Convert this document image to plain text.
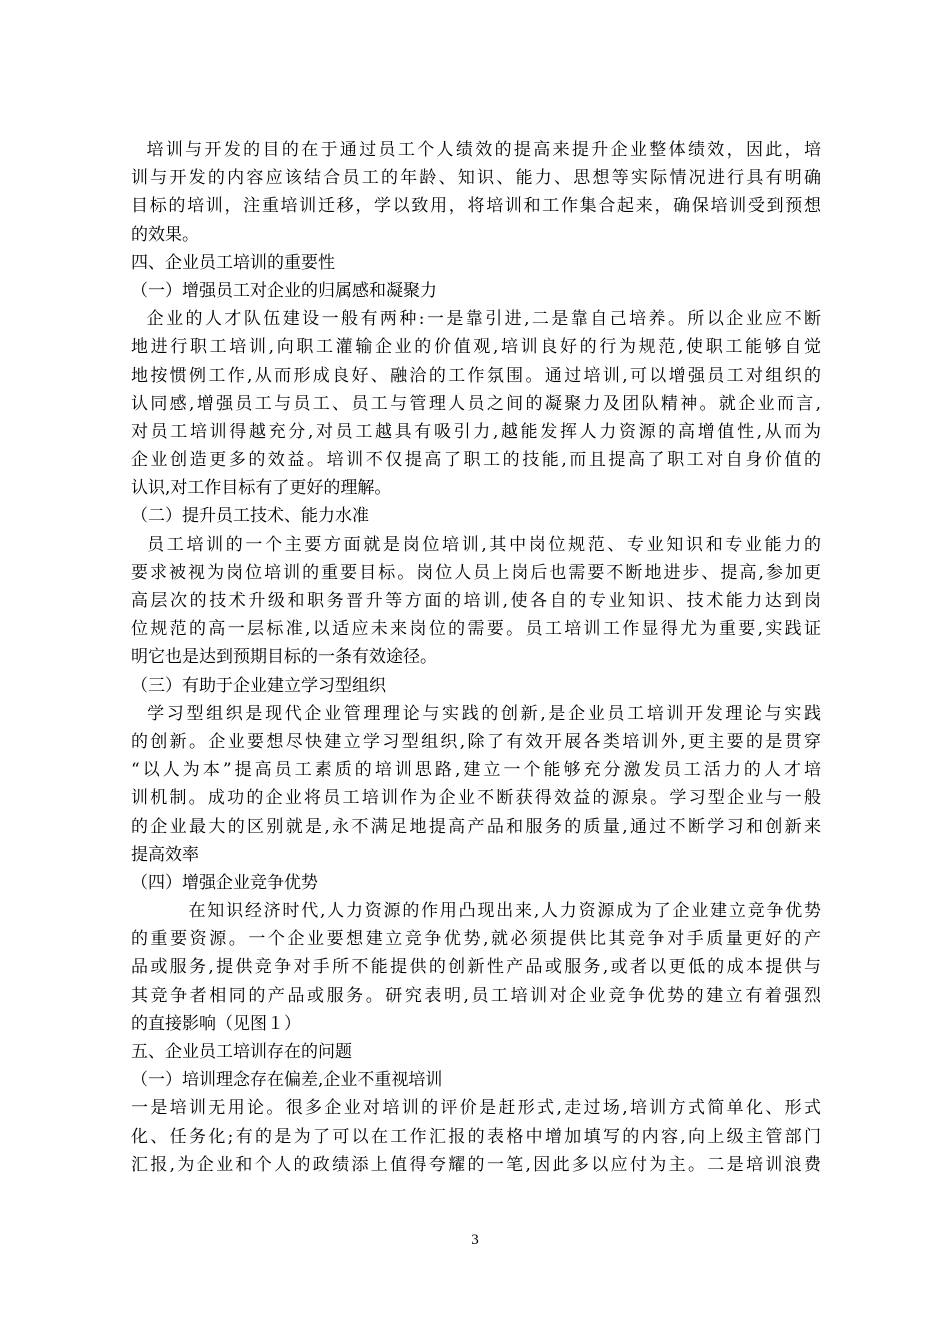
培训与开发的目的在于通过员工个人绩效的提高来提升企业整体绩效，因此，培
训与开发的内容应该结合员工的年龄、知识、能力、思想等实际情况进行具有明确
目标的培训，注重培训迁移，学以致用，将培训和工作集合起来，确保培训受到预想
的效果。
四、企业员工培训的重要性
（一）增强员工对企业的归属感和凝聚力
企业的人才队伍建设一般有两种:一是靠引进,二是靠自己培养。所以企业应不断
地进行职工培训,向职工灌输企业的价值观,培训良好的行为规范,使职工能够自觉
地按惯例工作,从而形成良好、融洽的工作氛围。通过培训,可以增强员工对组织的
认同感,增强员工与员工、员工与管理人员之间的凝聚力及团队精神。就企业而言,
对员工培训得越充分,对员工越具有吸引力,越能发挥人力资源的高增值性,从而为
企业创造更多的效益。培训不仅提高了职工的技能,而且提高了职工对自身价值的
认识,对工作目标有了更好的理解。
（二）提升员工技术、能力水准
员工培训的一个主要方面就是岗位培训,其中岗位规范、专业知识和专业能力的
要求被视为岗位培训的重要目标。岗位人员上岗后也需要不断地进步、提高,参加更
高层次的技术升级和职务晋升等方面的培训,使各自的专业知识、技术能力达到岗
位规范的高一层标准,以适应未来岗位的需要。员工培训工作显得尤为重要,实践证
明它也是达到预期目标的一条有效途径。
（三）有助于企业建立学习型组织
学习型组织是现代企业管理理论与实践的创新,是企业员工培训开发理论与实践
的创新。企业要想尽快建立学习型组织,除了有效开展各类培训外,更主要的是贯穿
“以人为本”提高员工素质的培训思路,建立一个能够充分激发员工活力的人才培
训机制。成功的企业将员工培训作为企业不断获得效益的源泉。学习型企业与一般
的企业最大的区别就是,永不满足地提高产品和服务的质量,通过不断学习和创新来
提高效率
（四）增强企业竞争优势
在知识经济时代,人力资源的作用凸现出来,人力资源成为了企业建立竞争优势
的重要资源。一个企业要想建立竞争优势,就必须提供比其竞争对手质量更好的产
品或服务,提供竞争对手所不能提供的创新性产品或服务,或者以更低的成本提供与
其竞争者相同的产品或服务。研究表明,员工培训对企业竞争优势的建立有着强烈
的直接影响（见图１）
五、企业员工培训存在的问题
（一）培训理念存在偏差,企业不重视培训
一是培训无用论。很多企业对培训的评价是赶形式,走过场,培训方式简单化、形式
化、任务化;有的是为了可以在工作汇报的表格中增加填写的内容,向上级主管部门
汇报,为企业和个人的政绩添上值得夸耀的一笔,因此多以应付为主。二是培训浪费
3
